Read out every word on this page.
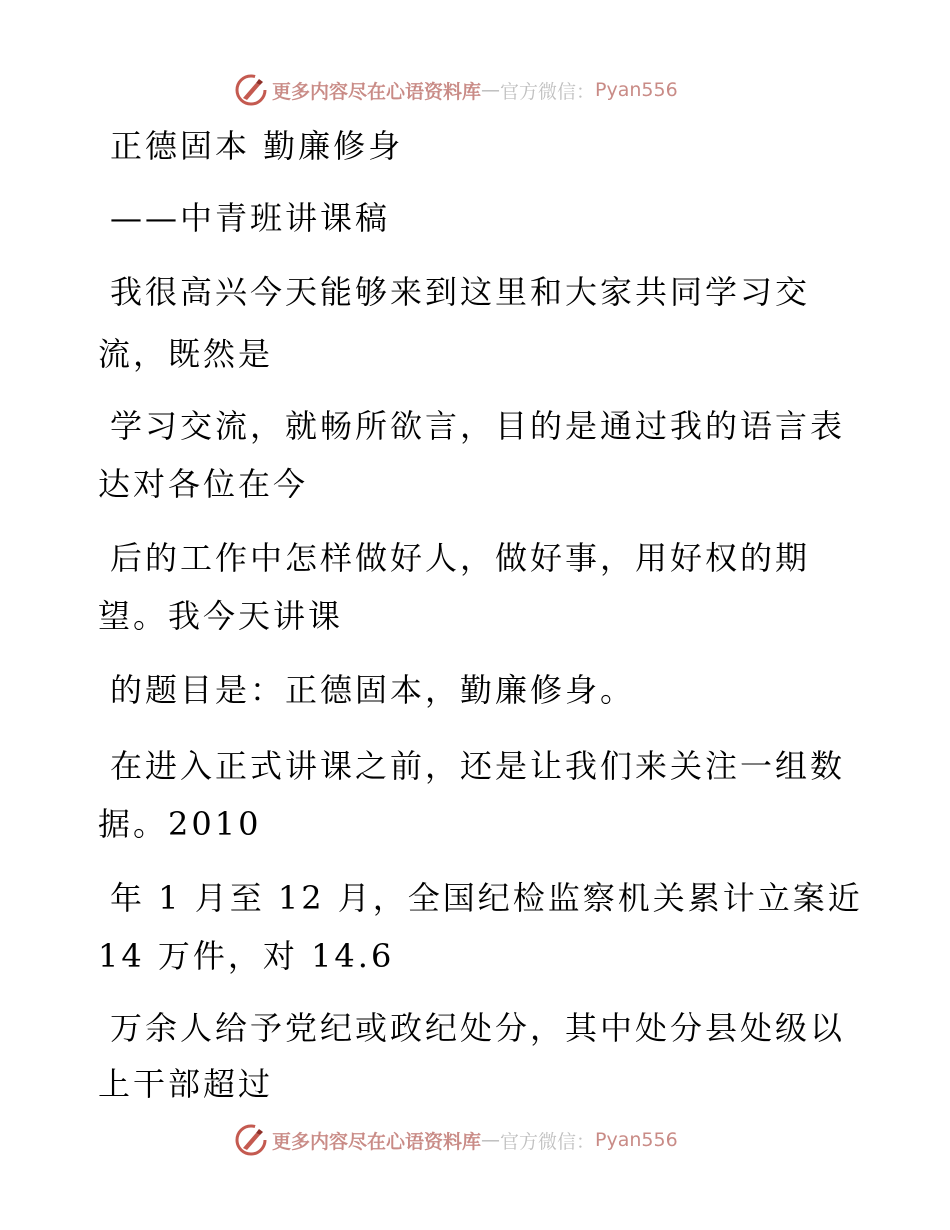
更多内容尽在心语资料库 — 官方微信： Pyan556
正德固本 勤廉修身
——中青班讲课稿
我很高兴今天能够来到这里和大家共同学习交
流，既然是
学习交流，就畅所欲言，目的是通过我的语言表
达对各位在今
后的工作中怎样做好人，做好事，用好权的期
望。我今天讲课
的题目是：正德固本，勤廉修身。
在进入正式讲课之前，还是让我们来关注一组数
据。2010
年 1 月至 12 月，全国纪检监察机关累计立案近
14 万件，对 14.6
万余人给予党纪或政纪处分，其中处分县处级以
上干部超过
更多内容尽在心语资料库 — 官方微信： Pyan556
